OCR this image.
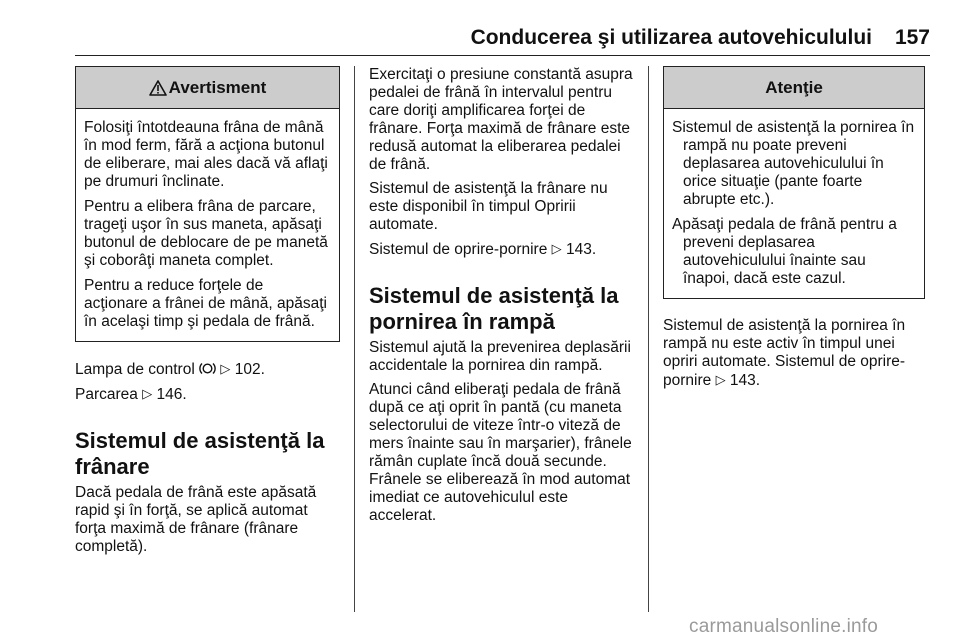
Conducerea şi utilizarea autovehiculului 157
Avertisment

Folosiţi întotdeauna frâna de mână în mod ferm, fără a acţiona butonul de eliberare, mai ales dacă vă aflaţi pe drumuri înclinate.

Pentru a elibera frâna de parcare, trageţi uşor în sus maneta, apăsaţi butonul de deblocare de pe manetă şi coborâţi maneta complet.

Pentru a reduce forţele de acţionare a frânei de mână, apăsaţi în acelaşi timp şi pedala de frână.

Lampa de control ▷ 102.

Parcarea ▷ 146.

Sistemul de asistenţă la frânare

Dacă pedala de frână este apăsată rapid şi în forţă, se aplică automat forţa maximă de frânare (frânare completă).

Exercitaţi o presiune constantă asupra pedalei de frână în intervalul pentru care doriţi amplificarea forţei de frânare. Forţa maximă de frânare este redusă automat la eliberarea pedalei de frână.

Sistemul de asistenţă la frânare nu este disponibil în timpul Opririi automate.

Sistemul de oprire-pornire ▷ 143.

Sistemul de asistenţă la pornirea în rampă

Sistemul ajută la prevenirea deplasării accidentale la pornirea din rampă.

Atunci când eliberaţi pedala de frână după ce aţi oprit în pantă (cu maneta selectorului de viteze într-o viteză de mers înainte sau în marşarier), frânele rămân cuplate încă două secunde. Frânele se eliberează în mod automat imediat ce autovehiculul este accelerat.

Atenţie

Sistemul de asistenţă la pornirea în rampă nu poate preveni deplasarea autovehiculului în orice situaţie (pante foarte abrupte etc.).

Apăsaţi pedala de frână pentru a preveni deplasarea autovehiculului înainte sau înapoi, dacă este cazul.

Sistemul de asistenţă la pornirea în rampă nu este activ în timpul unei opriri automate. Sistemul de oprire-pornire ▷ 143.

carmanualsonline.info
